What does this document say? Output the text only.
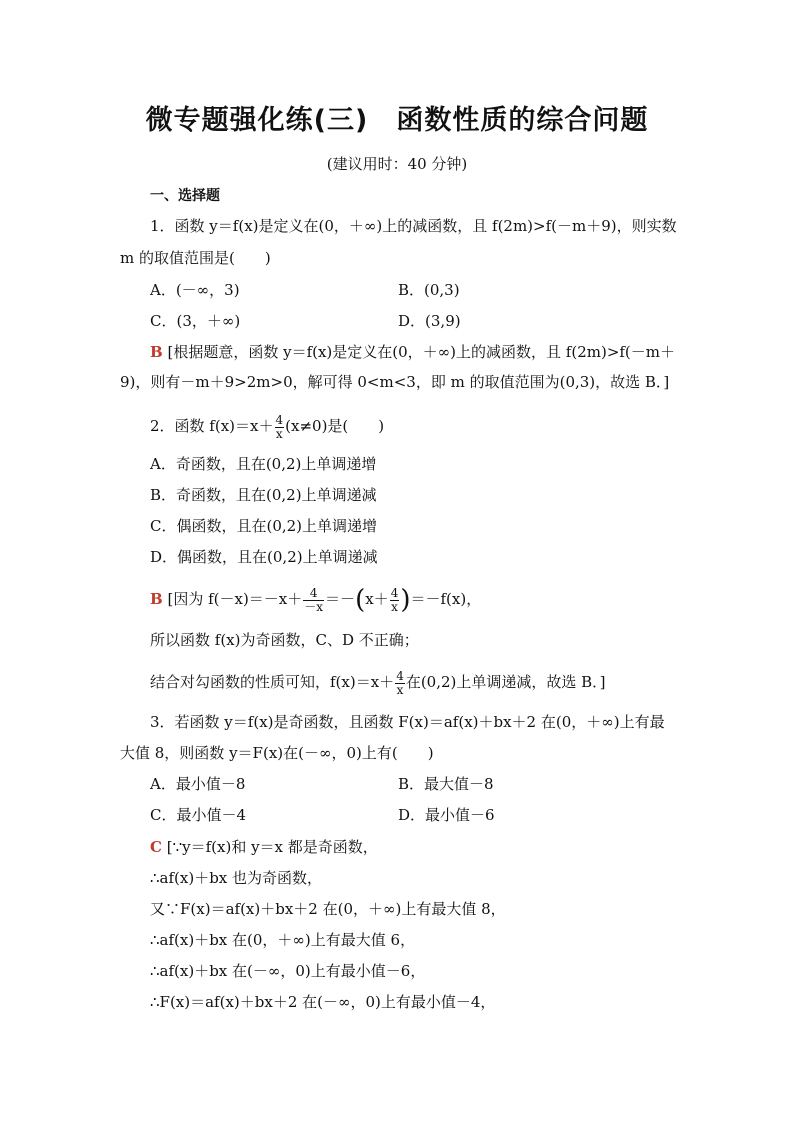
微专题强化练(三)　函数性质的综合问题
(建议用时：40 分钟)
一、选择题
1．函数 y＝f(x)是定义在(0，＋∞)上的减函数，且 f(2m)>f(－m＋9)，则实数
m 的取值范围是(　　)
A．(－∞，3)	B．(0,3)
C．(3，＋∞)	D．(3,9)
B [根据题意，函数 y＝f(x)是定义在(0，＋∞)上的减函数，且 f(2m)>f(－m＋
9)，则有－m＋9>2m>0，解可得 0<m<3，即 m 的取值范围为(0,3)，故选 B．]
2．函数 $f(x)=x+ \frac{4}{x} (x\ne 0)$是(　　)
A．奇函数，且在(0,2)上单调递增
B．奇函数，且在(0,2)上单调递减
C．偶函数，且在(0,2)上单调递增
D．偶函数，且在(0,2)上单调递减
B [因为 $f(-x)=-x+ \frac{4}{-x} =-(x+ \frac{4}{x} )=-f(x)$，
所以函数 f(x)为奇函数，C、D 不正确；
结合对勾函数的性质可知，$f(x)=x+ \frac{4}{x}$ 在(0,2)上单调递减，故选 B．]
3．若函数 y＝f(x)是奇函数，且函数 F(x)＝af(x)＋bx＋2 在(0，＋∞)上有最
大值 8，则函数 y＝F(x)在(－∞，0)上有(　　)
A．最小值－8	B．最大值－8
C．最小值－4	D．最小值－6
C [∵y＝f(x)和 y＝x 都是奇函数，
∴af(x)＋bx 也为奇函数，
又∵F(x)＝af(x)＋bx＋2 在(0，＋∞)上有最大值 8，
∴af(x)＋bx 在(0，＋∞)上有最大值 6，
∴af(x)＋bx 在(－∞，0)上有最小值－6，
∴F(x)＝af(x)＋bx＋2 在(－∞，0)上有最小值－4，
